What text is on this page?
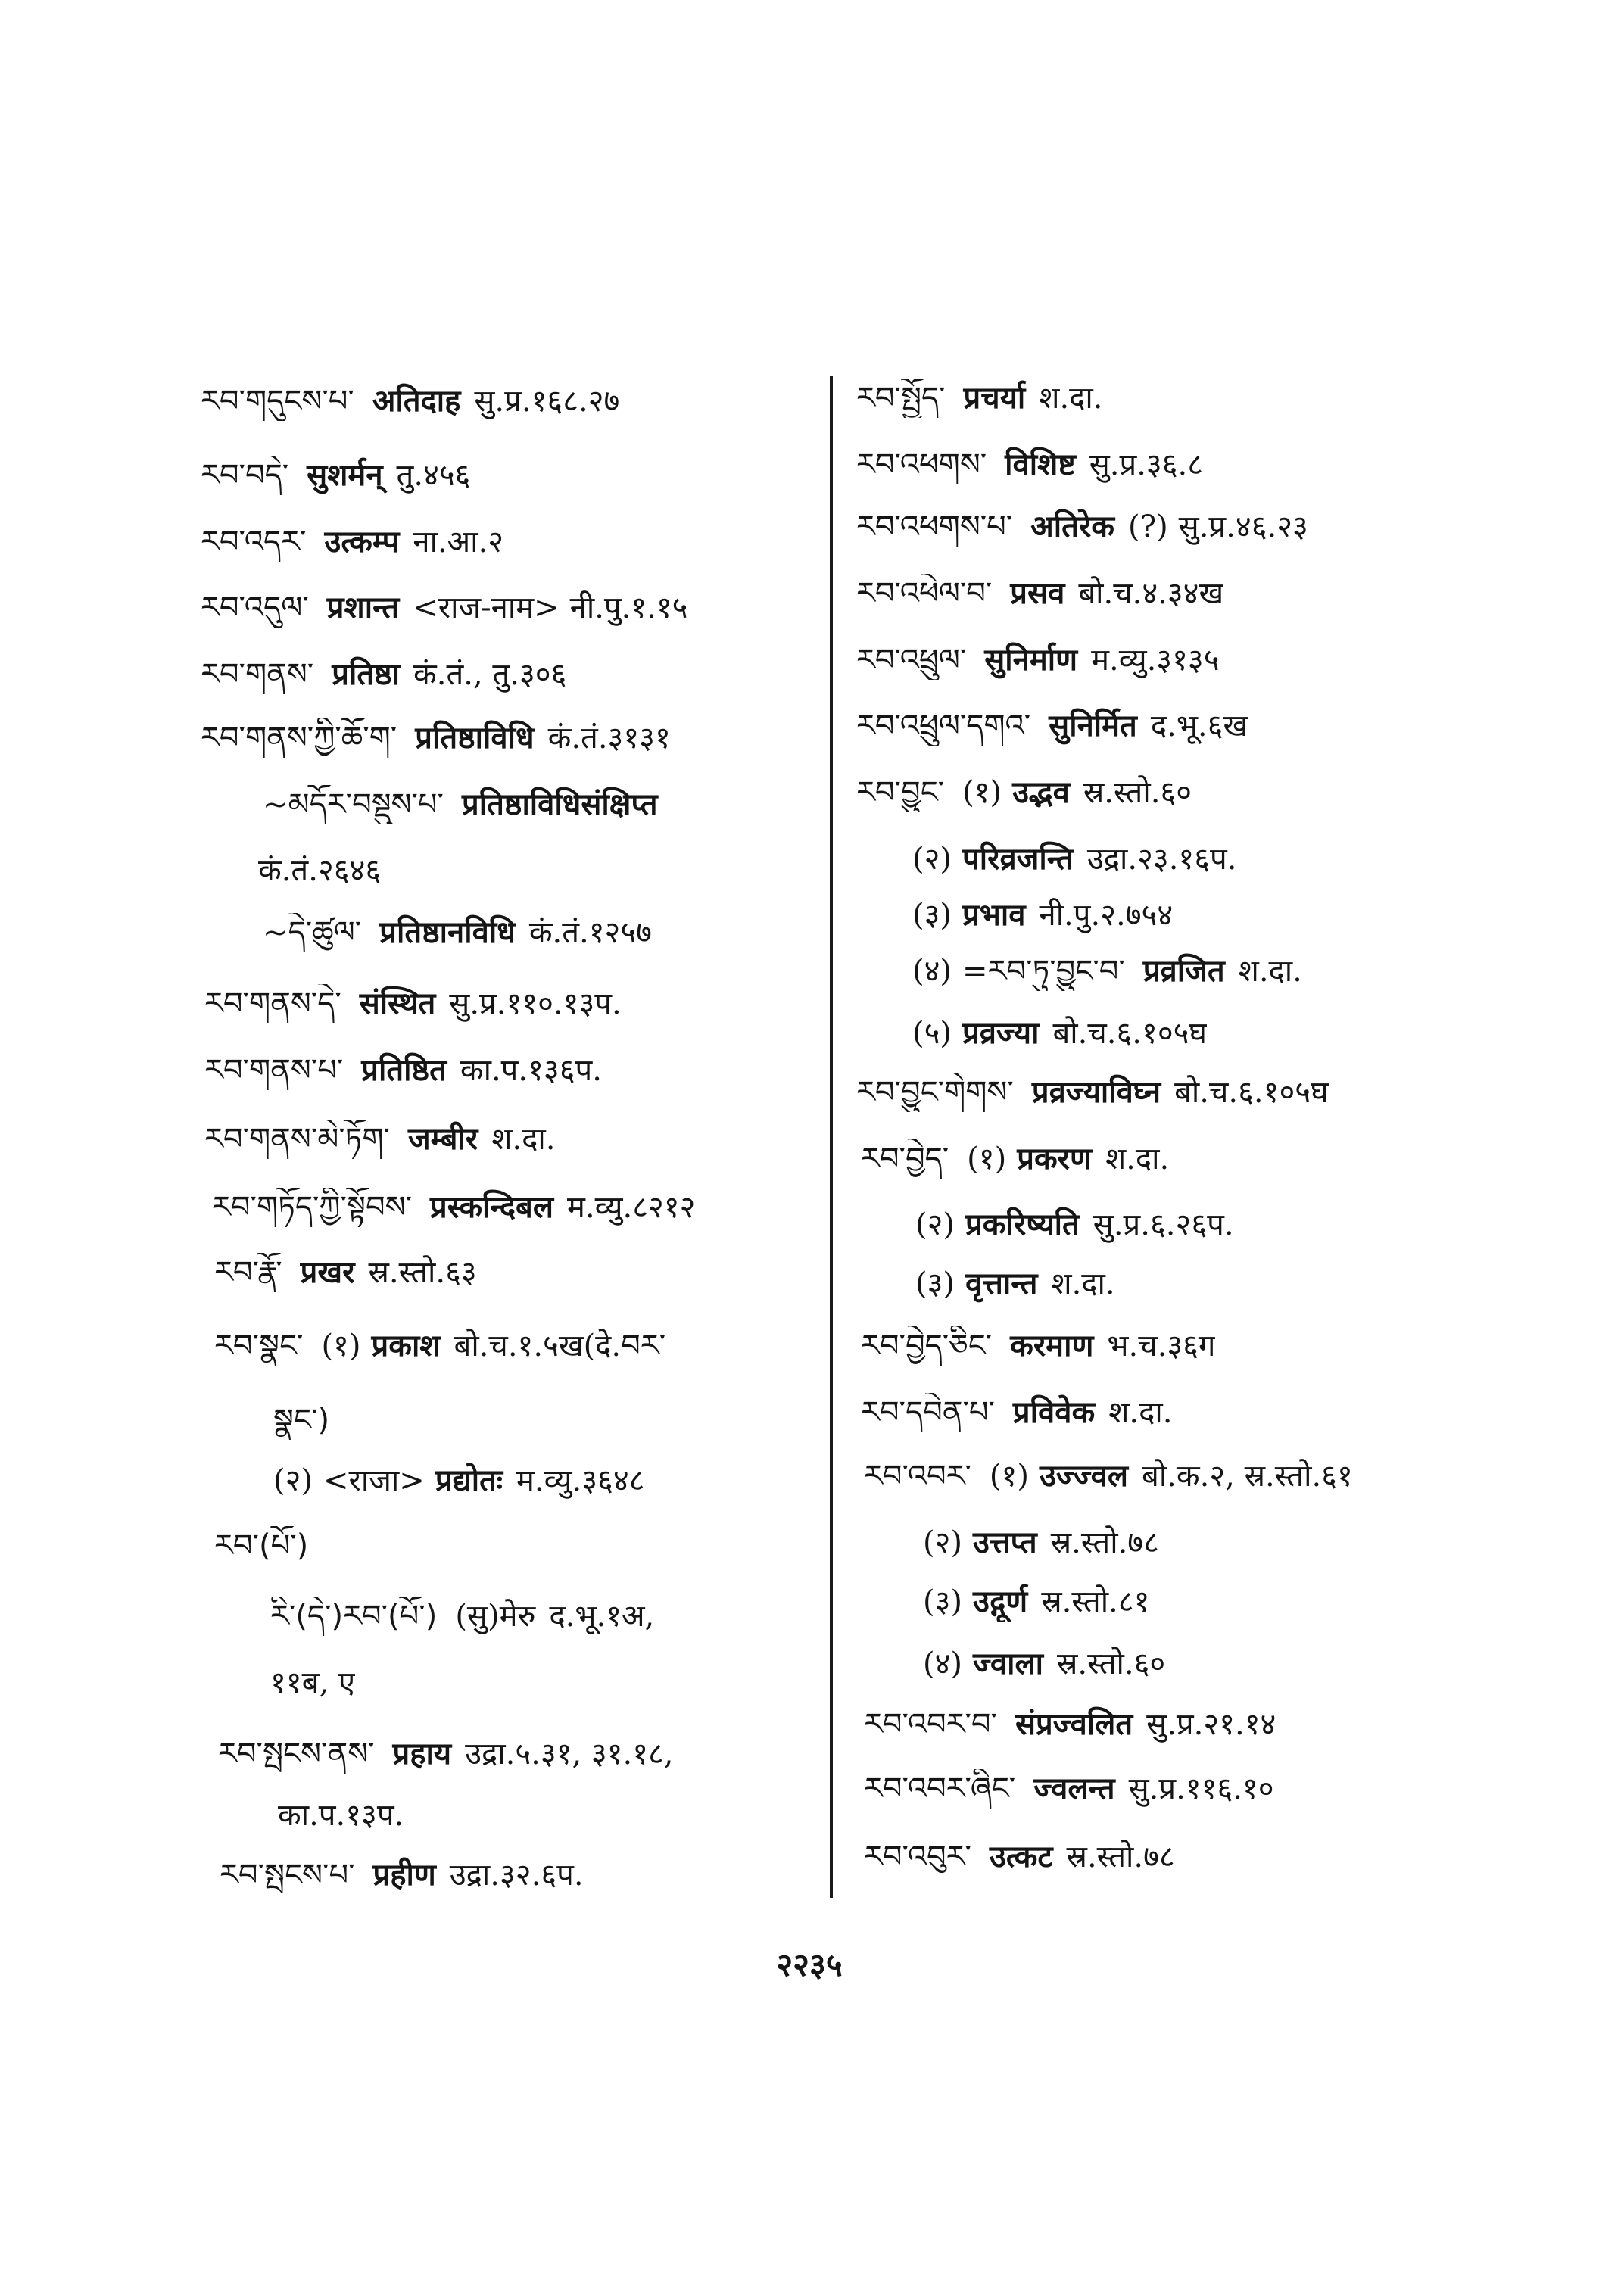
རབ་གདུངས་པ་ अतिदाह सु.प्र.१६८.२७
རབ་བདེ་ सुशर्मन् तु.४५६
རབ་འདར་ उत्कम्प ना.आ.२
རབ་འདུལ་ प्रशान्त <राज-नाम> नी.पु.१.१५
རབ་གནས་ प्रतिष्ठा कं.तं., तु.३०६
རབ་གནས་ཀྱི་ཆོ་ག་ प्रतिष्ठाविधि कं.तं.३१३१
~མདོར་བསྡུས་པ་ प्रतिष्ठाविधिसंक्षिप्त
कं.तं.२६४६
~དེ་ཚུལ་ प्रतिष्ठानविधि कं.तं.१२५७
རབ་གནས་དེ་ संस्थित सु.प्र.११०.१३प.
རབ་གནས་པ་ प्रतिष्ठित का.प.१३६प.
རབ་གནས་མེ་ཏོག་ जम्बीर श.दा.
རབ་གཏོད་ཀྱི་སྟོབས་ प्रस्कन्दिबल म.व्यु.८२१२
རབ་རྣོ་ प्रखर स्र.स्तो.६३
རབ་སྣང་ (१) प्रकाश बो.च.१.५ख(दे.བར་
སྣང་)
(२) <राजा> प्रद्योतः म.व्यु.३६४८
རབ་(པོ་)
རི་(དེ་)རབ་(པོ་) (सु)मेरु द.भू.१अ,
११ब, ए
རབ་སྤངས་ནས་ प्रहाय उद्रा.५.३१, ३१.१८,
का.प.१३प.
རབ་སྤངས་པ་ प्रहीण उद्रा.३२.६प.
རབ་སྤྱོད་ प्रचर्या श.दा.
རབ་འཕགས་ विशिष्ट सु.प्र.३६.८
རབ་འཕགས་པ་ अतिरेक (?) सु.प्र.४६.२३
རབ་འཕེལ་བ་ प्रसव बो.च.४.३४ख
རབ་འཕྲུལ་ सुनिर्माण म.व्यु.३१३५
རབ་འཕྲུལ་དགའ་ सुनिर्मित द.भू.६ख
རབ་བྱུང་ (१) उद्भव स्र.स्तो.६०
(२) परिव्रजन्ति उद्रा.२३.१६प.
(३) प्रभाव नी.पु.२.७५४
(४) =རབ་ཏུ་བྱུང་བ་ प्रव्रजित श.दा.
(५) प्रव्रज्या बो.च.६.१०५घ
རབ་བྱུང་གེགས་ प्रव्रज्याविघ्न बो.च.६.१०५घ
རབ་བྱེད་ (१) प्रकरण श.दा.
(२) प्रकरिष्यति सु.प्र.६.२६प.
(३) वृत्तान्त श.दा.
རབ་བྱེད་ཅིང་ करमाण भ.च.३६ग
རབ་དབེན་པ་ प्रविवेक श.दा.
རབ་འབར་ (१) उज्ज्वल बो.क.२, स्र.स्तो.६१
(२) उत्तप्त स्र.स्तो.७८
(३) उद्गूर्ण स्र.स्तो.८१
(४) ज्वाला स्र.स्तो.६०
རབ་འབར་བ་ संप्रज्वलित सु.प्र.२१.१४
རབ་འབར་ཞིང་ ज्वलन्त सु.प्र.११६.१०
རབ་འབུར་ उत्कट स्र.स्तो.७८
२२३५
